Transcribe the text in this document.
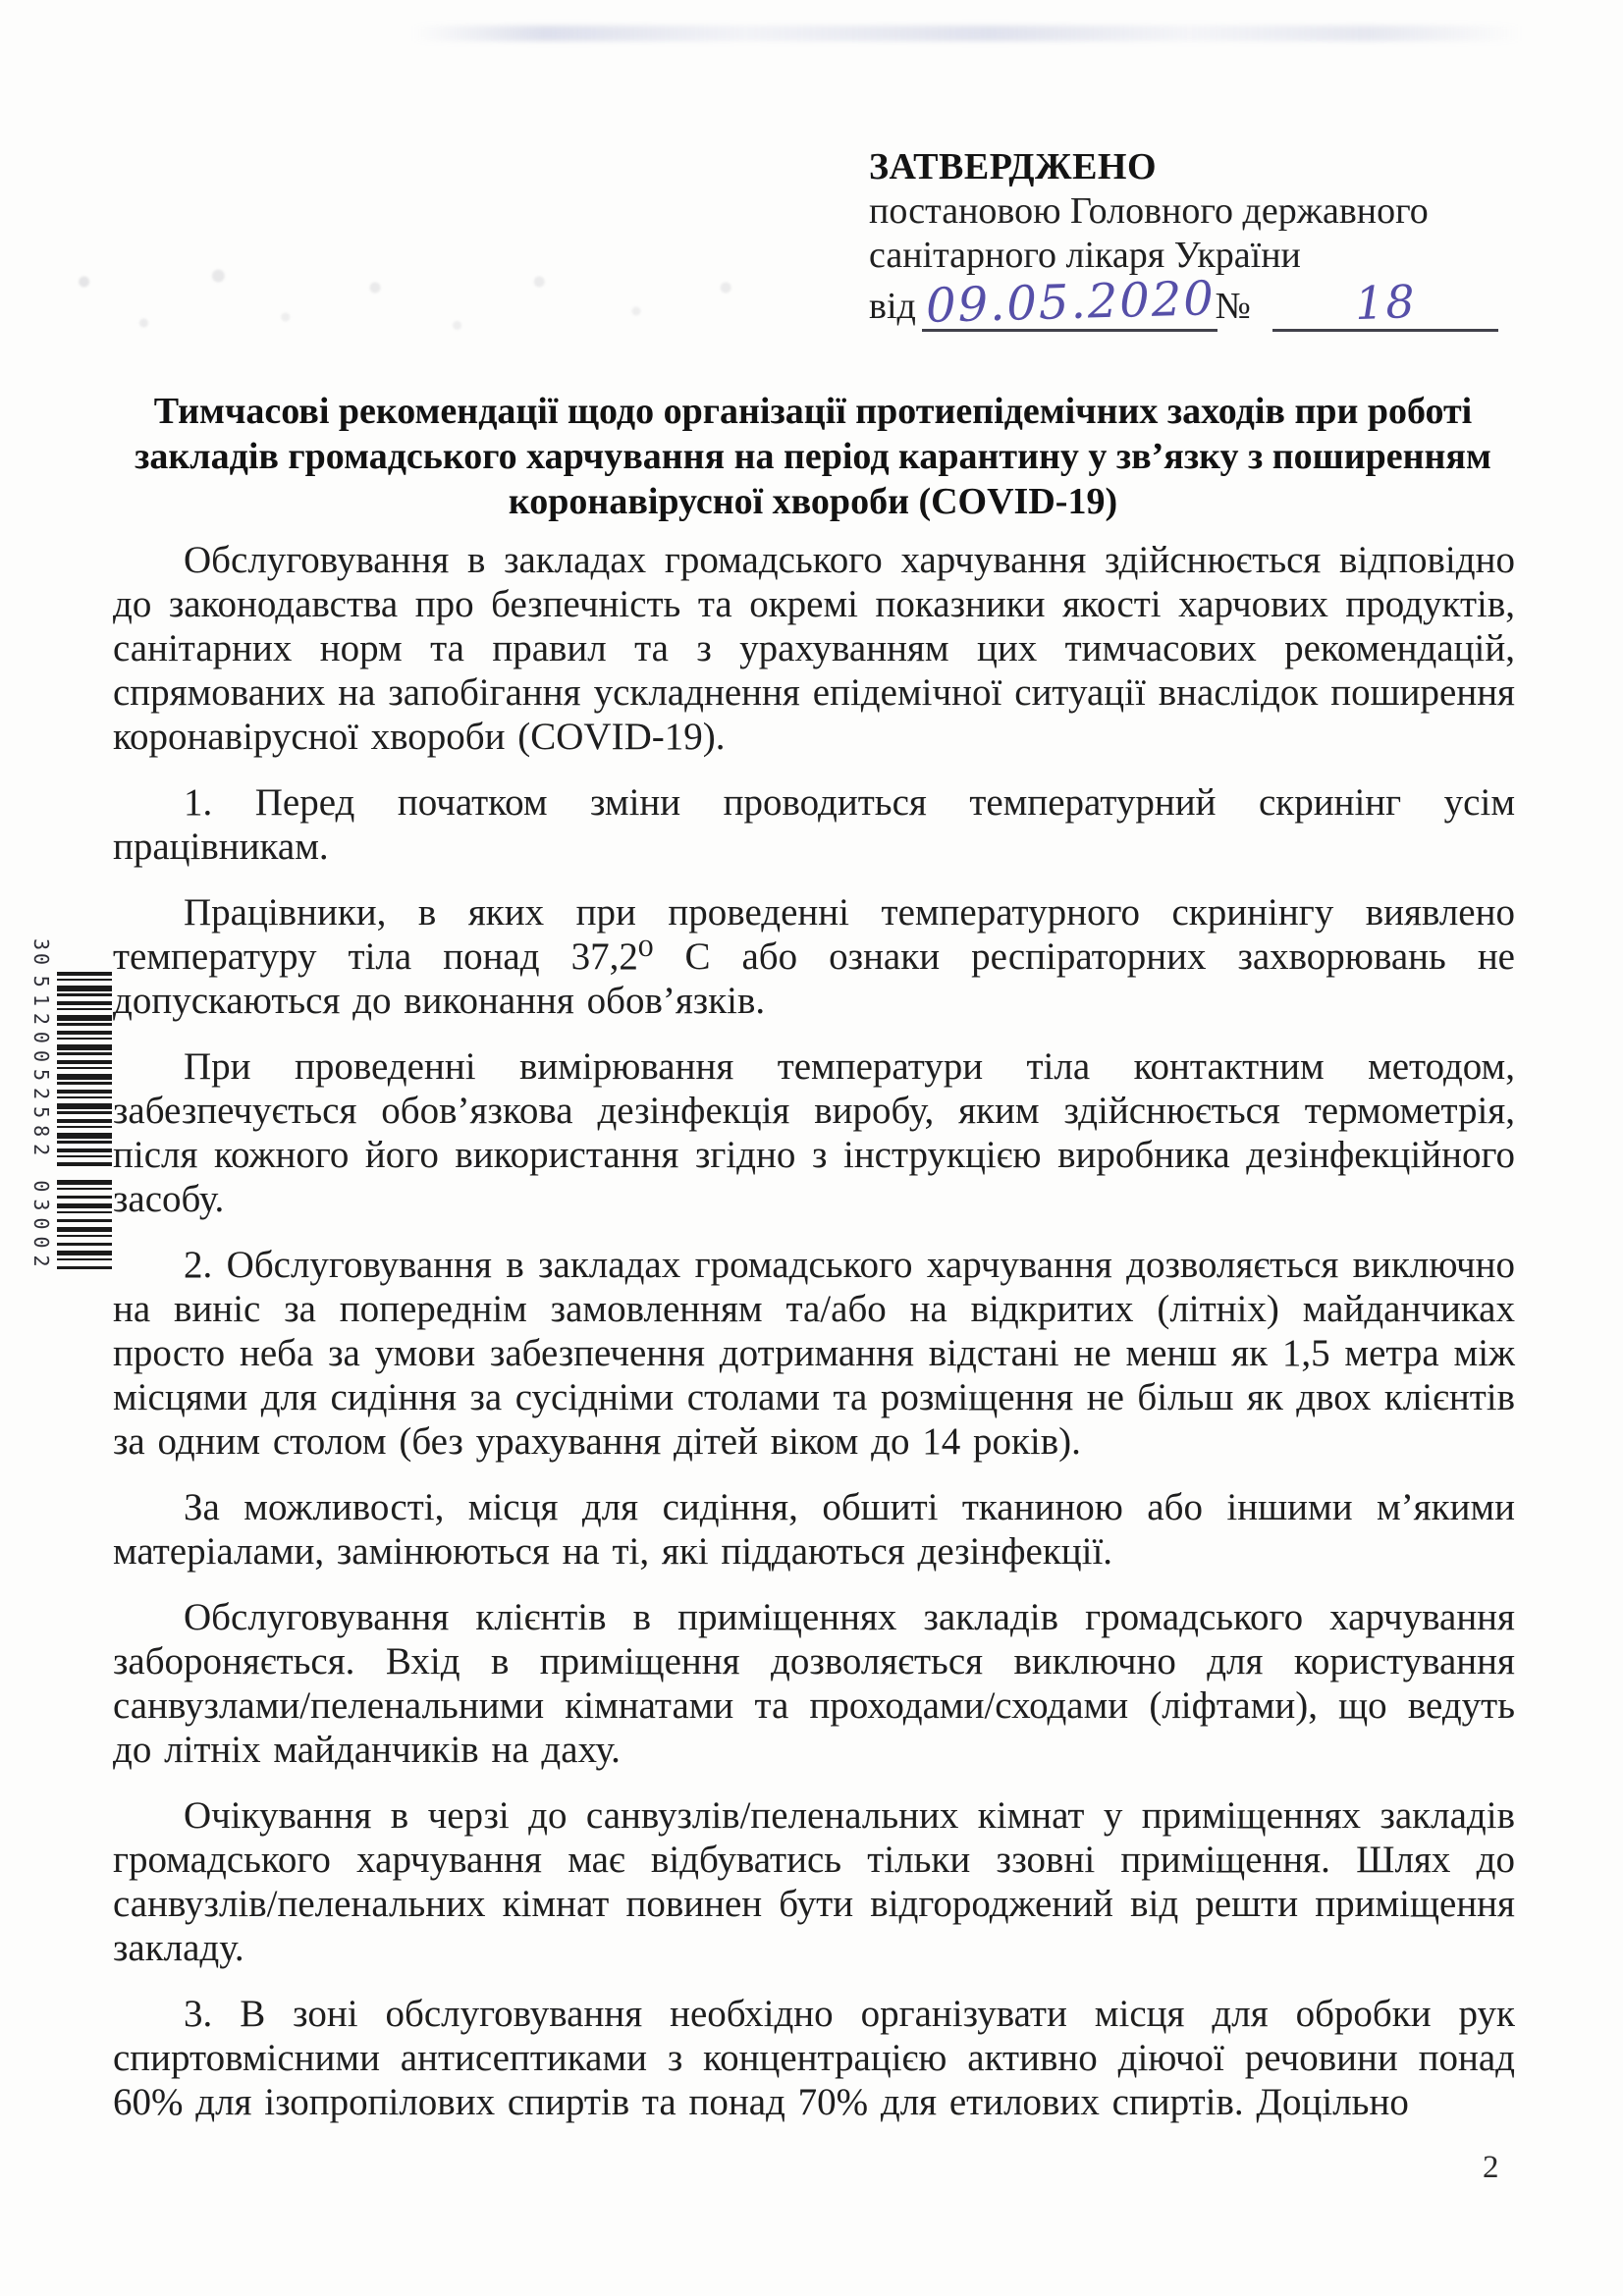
30
5120052582
03002
ЗАТВЕРДЖЕНО
постановою Головного державного
санітарного лікаря України
від 09.05.2020 №	18
Тимчасові рекомендації щодо організації протиепідемічних заходів при роботі закладів громадського харчування на період карантину у зв’язку з поширенням коронавірусної хвороби (COVID-19)

Обслуговування в закладах громадського харчування здійснюється відповідно до законодавства про безпечність та окремі показники якості харчових продуктів, санітарних норм та правил та з урахуванням цих тимчасових рекомендацій, спрямованих на запобігання ускладнення епідемічної ситуації внаслідок поширення коронавірусної хвороби (COVID-19).

1. Перед початком зміни проводиться температурний скринінг усім працівникам.

Працівники, в яких при проведенні температурного скринінгу виявлено температуру тіла понад 37,2⁰ С або ознаки респіраторних захворювань не допускаються до виконання обов’язків.

При проведенні вимірювання температури тіла контактним методом, забезпечується обов’язкова дезінфекція виробу, яким здійснюється термометрія, після кожного його використання згідно з інструкцією виробника дезінфекційного засобу.

2. Обслуговування в закладах громадського харчування дозволяється виключно на виніс за попереднім замовленням та/або на відкритих (літніх) майданчиках просто неба за умови забезпечення дотримання відстані не менш як 1,5 метра між місцями для сидіння за сусідніми столами та розміщення не більш як двох клієнтів за одним столом (без урахування дітей віком до 14 років).

За можливості, місця для сидіння, обшиті тканиною або іншими м’якими матеріалами, замінюються на ті, які піддаються дезінфекції.

Обслуговування клієнтів в приміщеннях закладів громадського харчування забороняється. Вхід в приміщення дозволяється виключно для користування санвузлами/пеленальними кімнатами та проходами/сходами (ліфтами), що ведуть до літніх майданчиків на даху.

Очікування в черзі до санвузлів/пеленальних кімнат у приміщеннях закладів громадського харчування має відбуватись тільки ззовні приміщення. Шлях до санвузлів/пеленальних кімнат повинен бути відгороджений від решти приміщення закладу.

3. В зоні обслуговування необхідно організувати місця для обробки рук спиртовмісними антисептиками з концентрацією активно діючої речовини понад 60% для ізопропілових спиртів та понад 70% для етилових спиртів. Доцільно

2
